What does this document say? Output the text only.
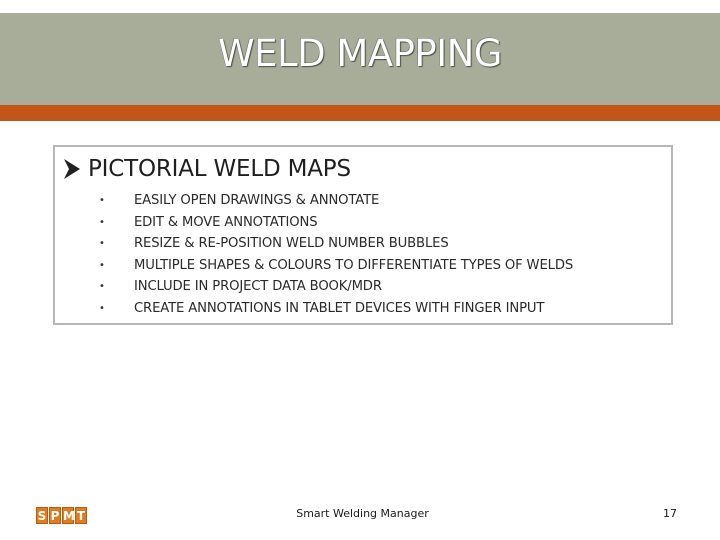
WELD MAPPING
PICTORIAL WELD MAPS
• EASILY OPEN DRAWINGS & ANNOTATE
• EDIT & MOVE ANNOTATIONS
• RESIZE & RE-POSITION WELD NUMBER BUBBLES
• MULTIPLE SHAPES & COLOURS TO DIFFERENTIATE TYPES OF WELDS
• INCLUDE IN PROJECT DATA BOOK/MDR
• CREATE ANNOTATIONS IN TABLET DEVICES WITH FINGER INPUT
S P M T	Smart Welding Manager	17
